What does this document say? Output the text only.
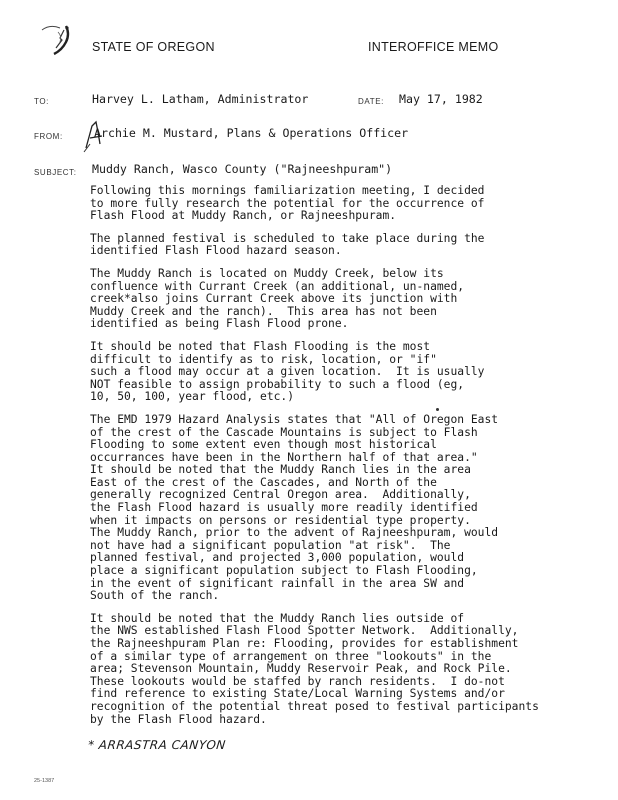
STATE OF OREGON	INTEROFFICE MEMO
TO:	Harvey L. Latham, Administrator	DATE: May 17, 1982
FROM:	Archie M. Mustard, Plans & Operations Officer
SUBJECT: Muddy Ranch, Wasco County ("Rajneeshpuram")

Following this mornings familiarization meeting, I decided
to more fully research the potential for the occurrence of
Flash Flood at Muddy Ranch, or Rajneeshpuram.

The planned festival is scheduled to take place during the
identified Flash Flood hazard season.

The Muddy Ranch is located on Muddy Creek, below its
confluence with Currant Creek (an additional, un-named,
creek*also joins Currant Creek above its junction with
Muddy Creek and the ranch).  This area has not been
identified as being Flash Flood prone.

It should be noted that Flash Flooding is the most
difficult to identify as to risk, location, or "if"
such a flood may occur at a given location.  It is usually
NOT feasible to assign probability to such a flood (eg,
10, 50, 100, year flood, etc.)

The EMD 1979 Hazard Analysis states that "All of Oregon East
of the crest of the Cascade Mountains is subject to Flash
Flooding to some extent even though most historical
occurrances have been in the Northern half of that area."
It should be noted that the Muddy Ranch lies in the area
East of the crest of the Cascades, and North of the
generally recognized Central Oregon area.  Additionally,
the Flash Flood hazard is usually more readily identified
when it impacts on persons or residential type property.
The Muddy Ranch, prior to the advent of Rajneeshpuram, would
not have had a significant population "at risk".  The
planned festival, and projected 3,000 population, would
place a significant population subject to Flash Flooding,
in the event of significant rainfall in the area SW and
South of the ranch.

It should be noted that the Muddy Ranch lies outside of
the NWS established Flash Flood Spotter Network.  Additionally,
the Rajneeshpuram Plan re: Flooding, provides for establishment
of a similar type of arrangement on three "lookouts" in the
area; Stevenson Mountain, Muddy Reservoir Peak, and Rock Pile.
These lookouts would be staffed by ranch residents.  I do-not
find reference to existing State/Local Warning Systems and/or
recognition of the potential threat posed to festival participants
by the Flash Flood hazard.

* ARRASTRA CANYON
25-1387
